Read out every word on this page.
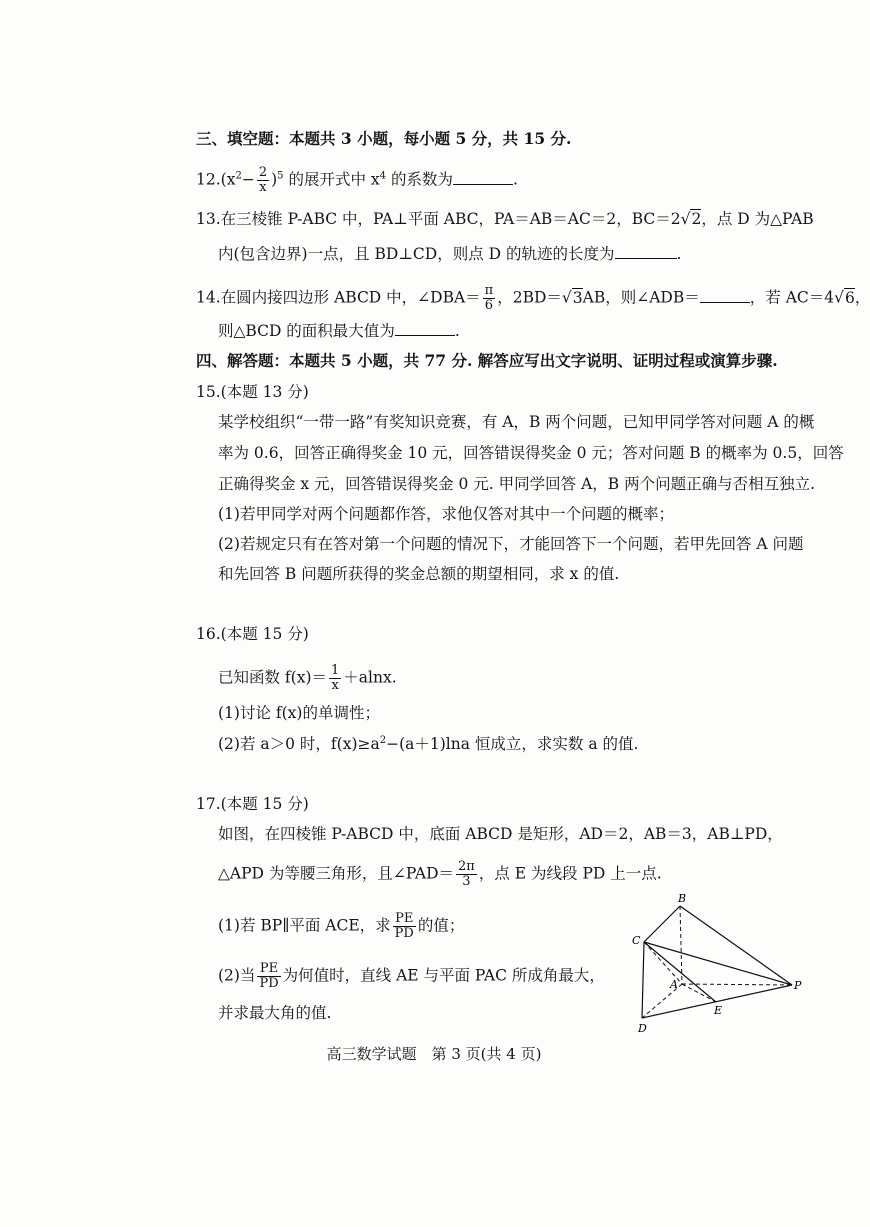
三、填空题：本题共 3 小题，每小题 5 分，共 15 分.
$12.(x^2- \frac{2}{x} )^5$ 的展开式中 $x^4$ 的系数为	.
13.在三棱锥 P-ABC 中，PA⊥平面 ABC，PA＝AB＝AC＝2，BC＝2√2，点 D 为△PAB
内(包含边界)一点，且 BD⊥CD，则点 D 的轨迹的长度为	.
14.在圆内接四边形 ABCD 中，∠DBA＝ $\frac{\pi}{6}$ ，2BD＝√3AB，则∠ADB＝	，若 AC＝4√6，
则△BCD 的面积最大值为	.
四、解答题：本题共 5 小题，共 77 分. 解答应写出文字说明、证明过程或演算步骤.
15.(本题 13 分)
某学校组织“一带一路”有奖知识竞赛，有 A，B 两个问题，已知甲同学答对问题 A 的概
率为 0.6，回答正确得奖金 10 元，回答错误得奖金 0 元；答对问题 B 的概率为 0.5，回答
正确得奖金 x 元，回答错误得奖金 0 元. 甲同学回答 A，B 两个问题正确与否相互独立.
(1)若甲同学对两个问题都作答，求他仅答对其中一个问题的概率；
(2)若规定只有在答对第一个问题的情况下，才能回答下一个问题，若甲先回答 A 问题
和先回答 B 问题所获得的奖金总额的期望相同，求 x 的值.
16.(本题 15 分)
已知函数 $f(x)= \frac{1}{x} +alnx$.
(1)讨论 f(x)的单调性；
(2)若 a＞0 时，$f(x)\ge a^2-(a+1)\ln a$ 恒成立，求实数 a 的值.
17.(本题 15 分)
如图，在四棱锥 P-ABCD 中，底面 ABCD 是矩形，AD＝2，AB＝3，AB⊥PD，
△APD 为等腰三角形，且∠PAD＝ $\frac{2\pi}{3}$ ，点 E 为线段 PD 上一点.
(1)若 BP∥平面 ACE，求 $\frac{PE}{PD}$ 的值；
(2)当 $\frac{PE}{PD}$ 为何值时，直线 AE 与平面 PAC 所成角最大，
并求最大角的值.
B
C
A	P
D
E
高三数学试题　第 3 页(共 4 页)
